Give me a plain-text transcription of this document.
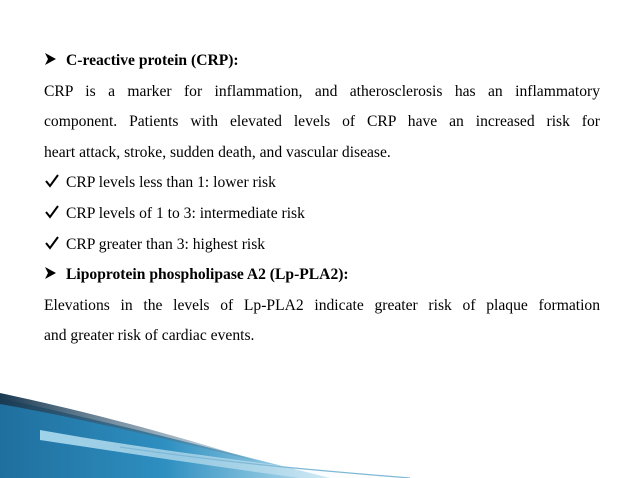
C-reactive protein (CRP):
CRP is a marker for inflammation, and atherosclerosis has an inflammatory
component. Patients with elevated levels of CRP have an increased risk for
heart attack, stroke, sudden death, and vascular disease.
CRP levels less than 1: lower risk
CRP levels of 1 to 3: intermediate risk
CRP greater than 3: highest risk
Lipoprotein phospholipase A2 (Lp-PLA2):
Elevations in the levels of Lp-PLA2 indicate greater risk of plaque formation
and greater risk of cardiac events.
